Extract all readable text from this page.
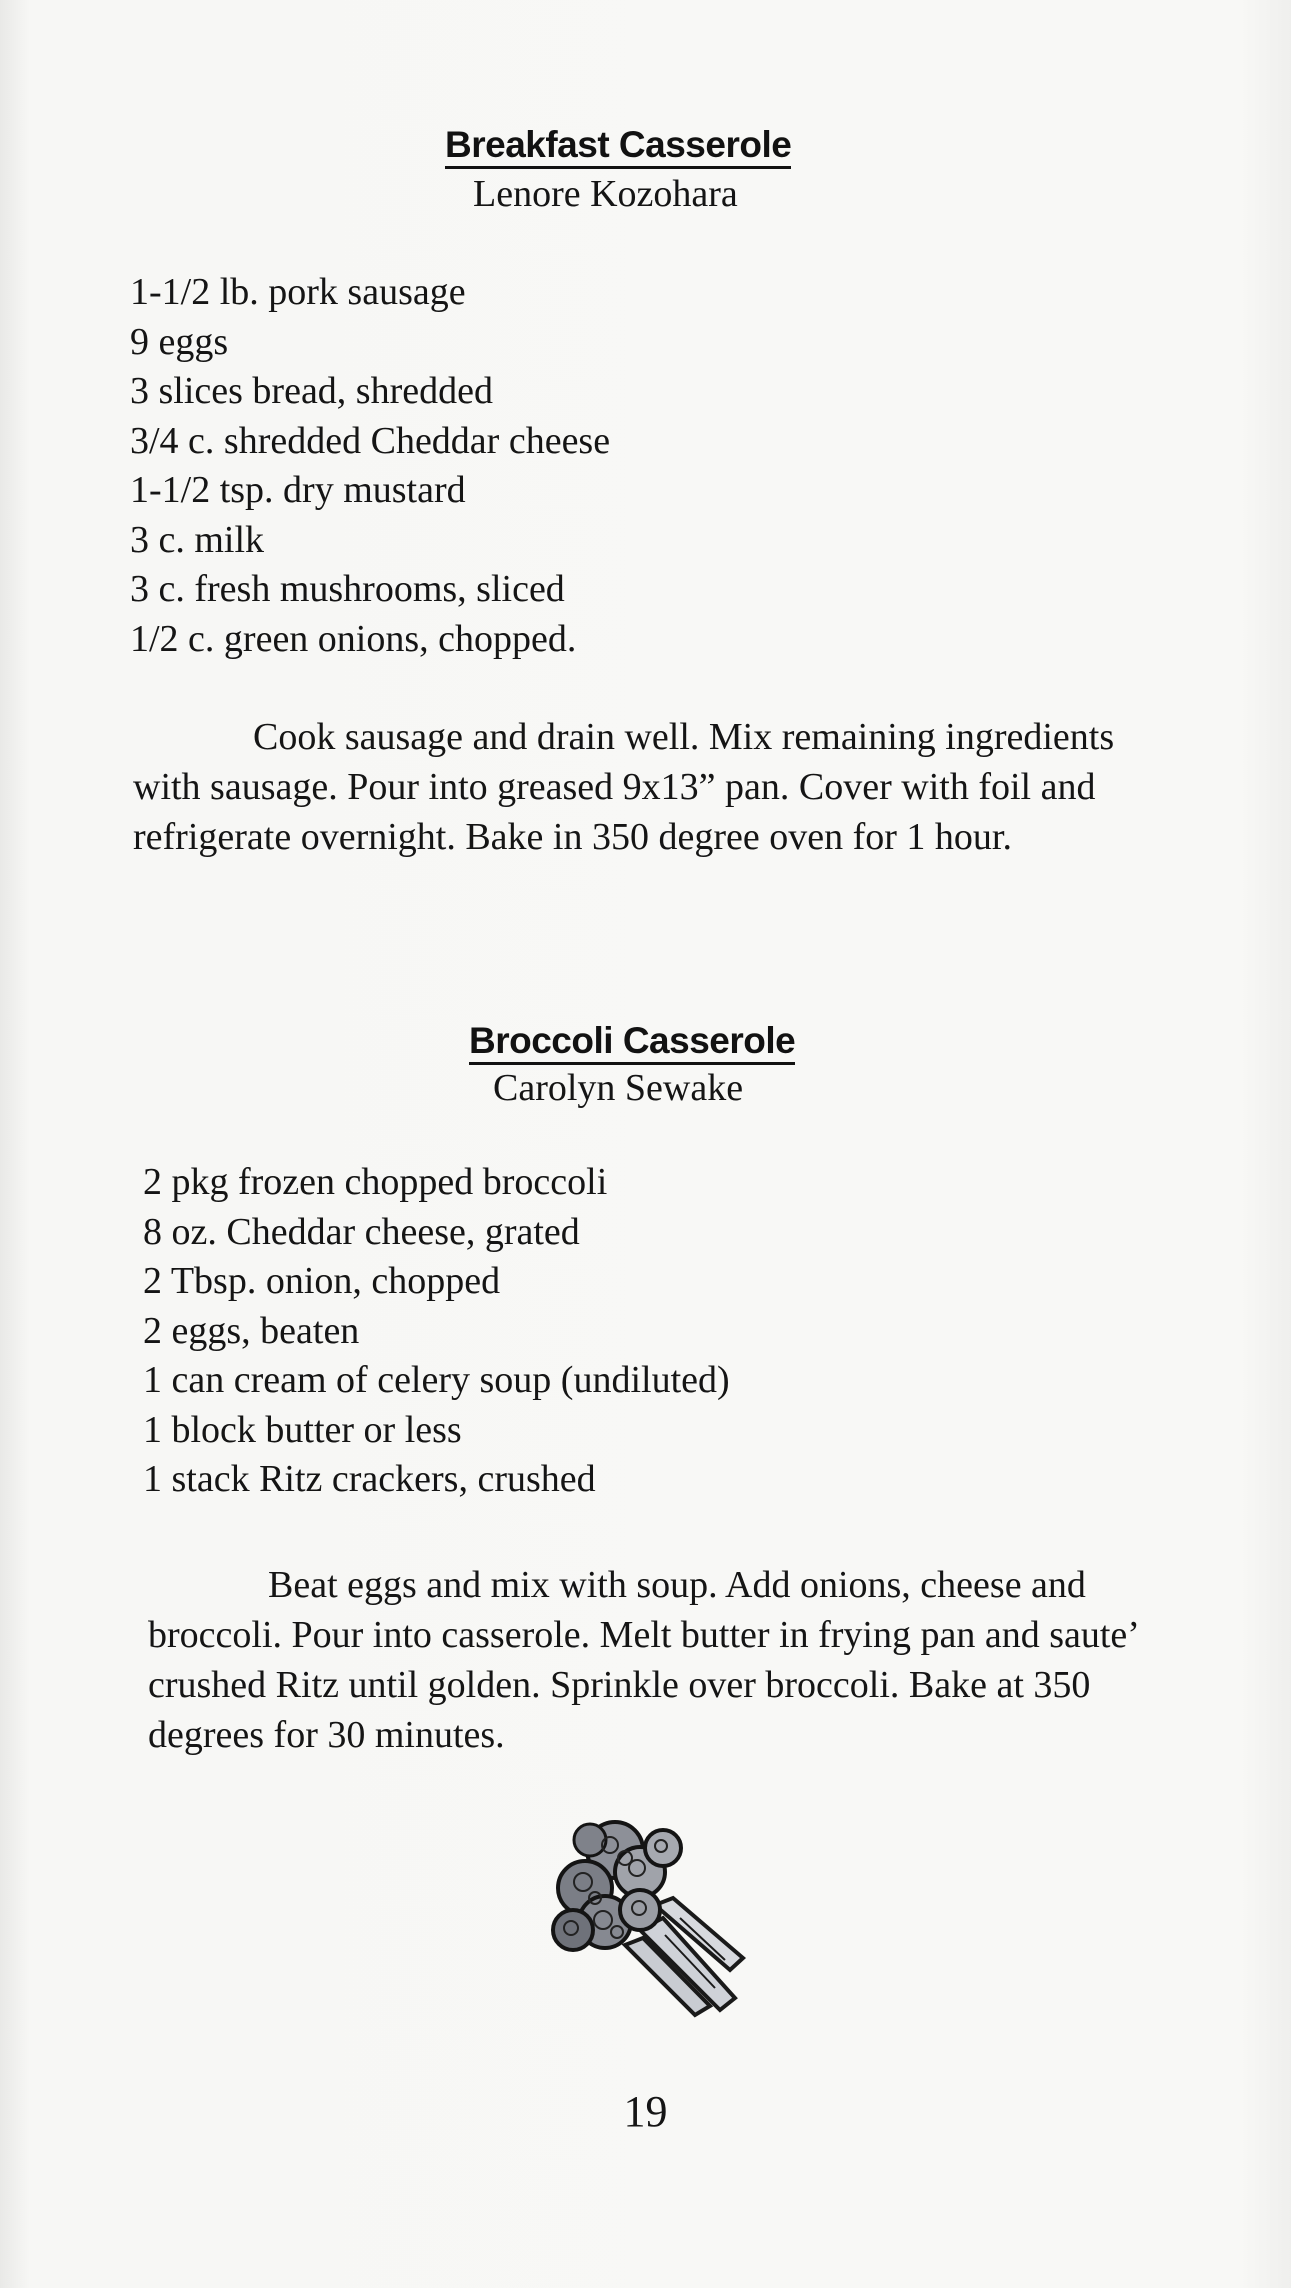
Breakfast Casserole
Lenore Kozohara
1-1/2 lb. pork sausage
9 eggs
3 slices bread, shredded
3/4 c. shredded Cheddar cheese
1-1/2 tsp. dry mustard
3 c. milk
3 c. fresh mushrooms, sliced
1/2 c. green onions, chopped.

Cook sausage and drain well. Mix remaining ingredients with sausage. Pour into greased 9x13” pan. Cover with foil and refrigerate overnight. Bake in 350 degree oven for 1 hour.

Broccoli Casserole
Carolyn Sewake
2 pkg frozen chopped broccoli
8 oz. Cheddar cheese, grated
2 Tbsp. onion, chopped
2 eggs, beaten
1 can cream of celery soup (undiluted)
1 block butter or less
1 stack Ritz crackers, crushed

Beat eggs and mix with soup. Add onions, cheese and broccoli. Pour into casserole. Melt butter in frying pan and saute’ crushed Ritz until golden. Sprinkle over broccoli. Bake at 350 degrees for 30 minutes.

19
